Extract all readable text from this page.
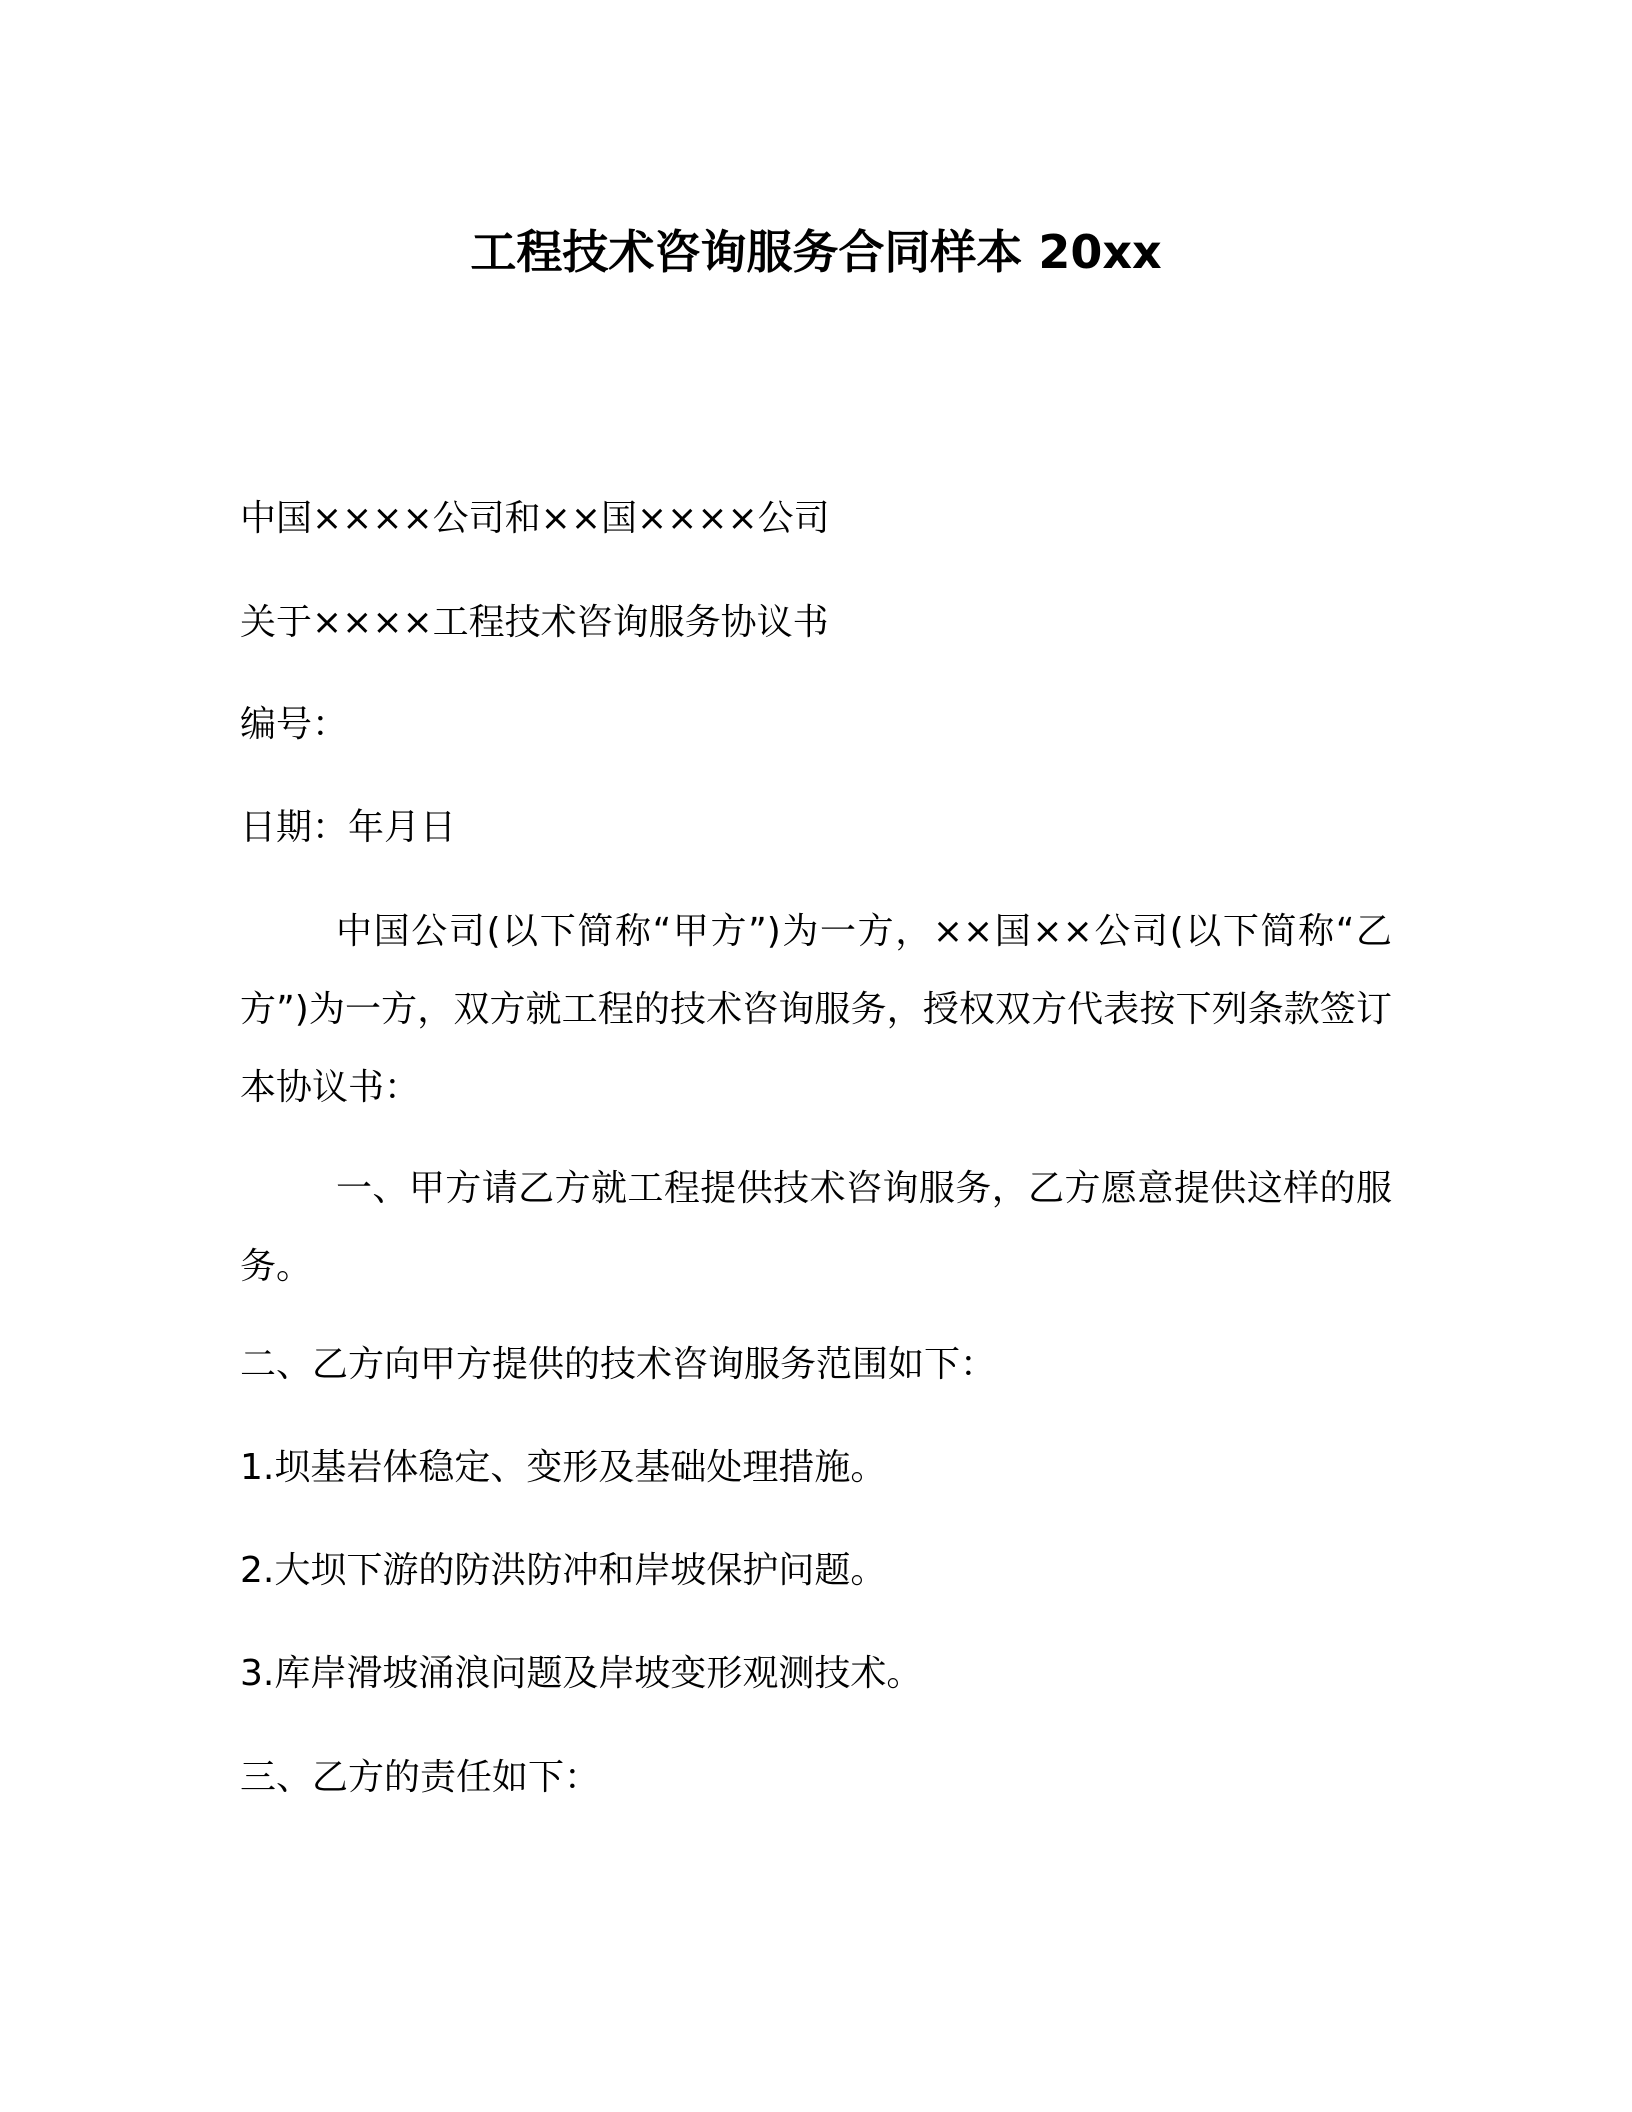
工程技术咨询服务合同样本 20xx
中国××××公司和××国××××公司
关于××××工程技术咨询服务协议书
编号：
日期：年月日
中国公司(以下简称“甲方”)为一方，××国××公司(以下简称“乙方”)为一方，双方就工程的技术咨询服务，授权双方代表按下列条款签订本协议书：
一、甲方请乙方就工程提供技术咨询服务，乙方愿意提供这样的服务。
二、乙方向甲方提供的技术咨询服务范围如下：
1.坝基岩体稳定、变形及基础处理措施。
2.大坝下游的防洪防冲和岸坡保护问题。
3.库岸滑坡涌浪问题及岸坡变形观测技术。
三、乙方的责任如下：
